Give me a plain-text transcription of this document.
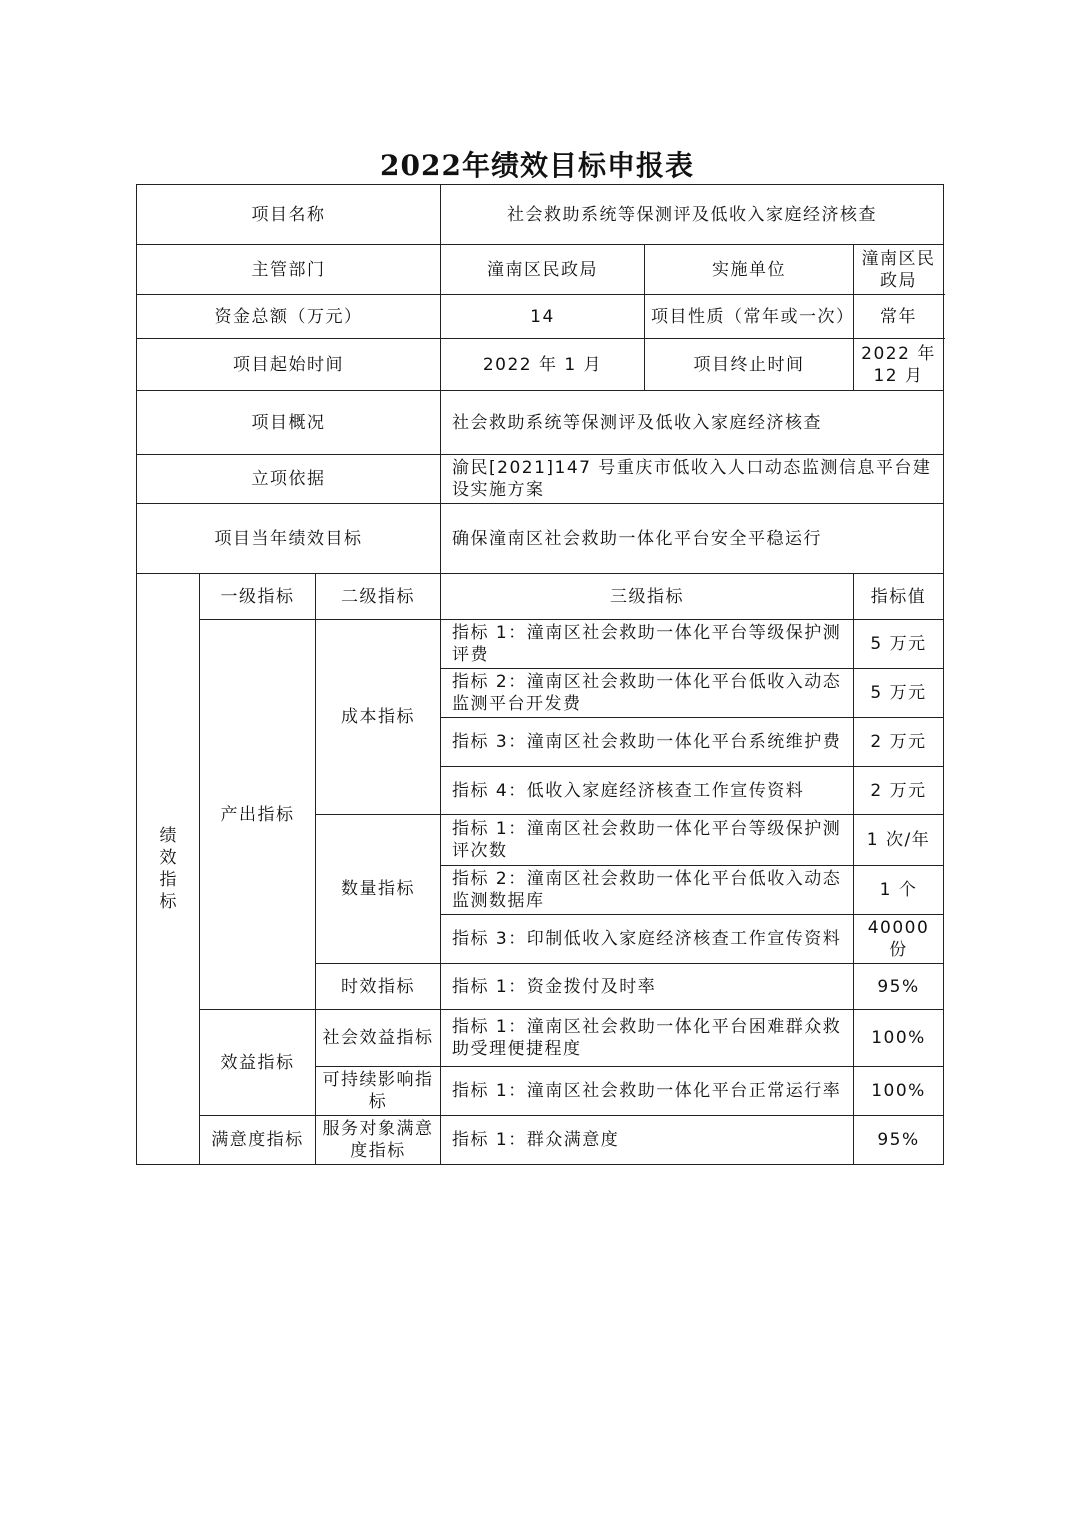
2022年绩效目标申报表
项目名称			社会救助系统等保测评及低收入家庭经济核查		
主管部门			潼南区民政局	实施单位	潼南区民政局
资金总额（万元）			14	项目性质（常年或一次）	常年
项目起始时间			2022 年 1 月	项目终止时间	2022 年 12 月
项目概况			社会救助系统等保测评及低收入家庭经济核查		
立项依据			渝民[2021]147 号重庆市低收入人口动态监测信息平台建设实施方案		
项目当年绩效目标			确保潼南区社会救助一体化平台安全平稳运行		
绩效指标	一级指标	二级指标	三级指标		指标值
	产出指标	成本指标	指标 1：潼南区社会救助一体化平台等级保护测评费		5 万元
			指标 2：潼南区社会救助一体化平台低收入动态监测平台开发费		5 万元
			指标 3：潼南区社会救助一体化平台系统维护费		2 万元
			指标 4：低收入家庭经济核查工作宣传资料		2 万元
		数量指标	指标 1：潼南区社会救助一体化平台等级保护测评次数		1 次/年
			指标 2：潼南区社会救助一体化平台低收入动态监测数据库		1 个
			指标 3：印制低收入家庭经济核查工作宣传资料		40000 份
		时效指标	指标 1：资金拨付及时率		95%
	效益指标	社会效益指标	指标 1：潼南区社会救助一体化平台困难群众救助受理便捷程度		100%
		可持续影响指标	指标 1：潼南区社会救助一体化平台正常运行率		100%
	满意度指标	服务对象满意度指标	指标 1：群众满意度		95%
